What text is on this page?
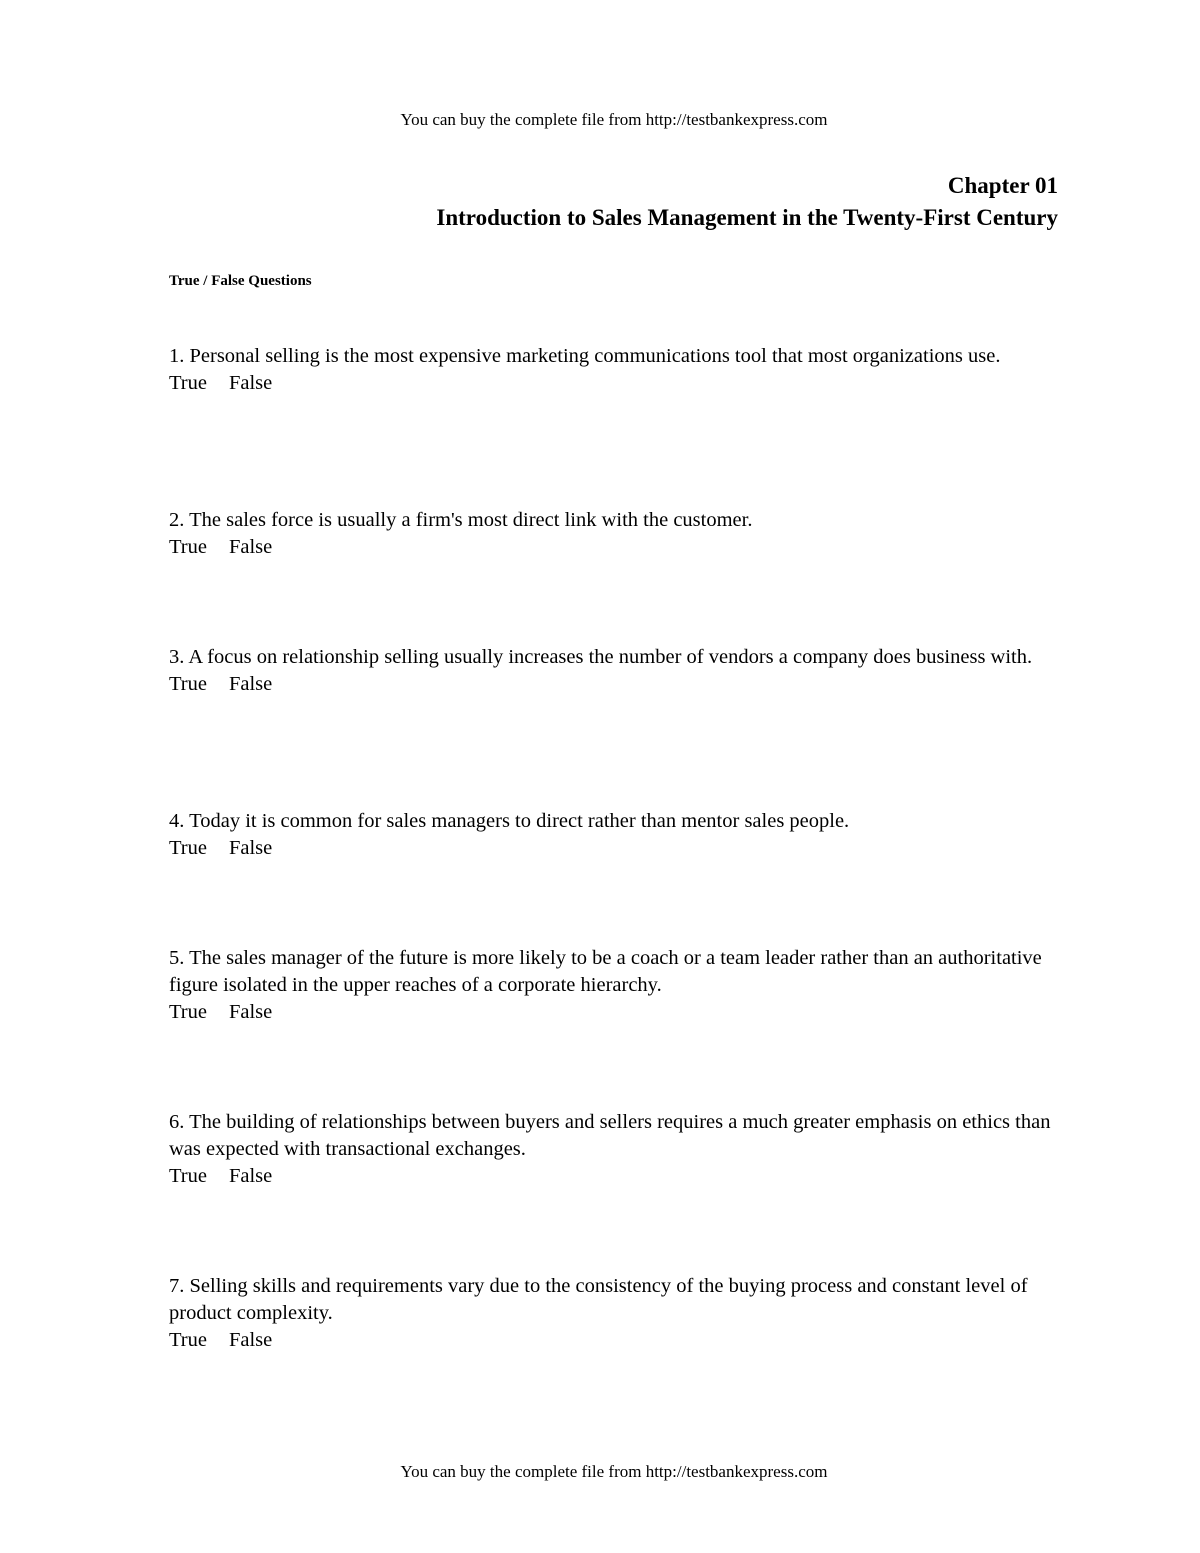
You can buy the complete file from http://testbankexpress.com
Chapter 01
Introduction to Sales Management in the Twenty-First Century
True / False Questions
1. Personal selling is the most expensive marketing communications tool that most organizations use.
True False
2. The sales force is usually a firm's most direct link with the customer.
True False
3. A focus on relationship selling usually increases the number of vendors a company does business with.
True False
4. Today it is common for sales managers to direct rather than mentor sales people.
True False
5. The sales manager of the future is more likely to be a coach or a team leader rather than an authoritative figure isolated in the upper reaches of a corporate hierarchy.
True False
6. The building of relationships between buyers and sellers requires a much greater emphasis on ethics than was expected with transactional exchanges.
True False
7. Selling skills and requirements vary due to the consistency of the buying process and constant level of product complexity.
True False
You can buy the complete file from http://testbankexpress.com
